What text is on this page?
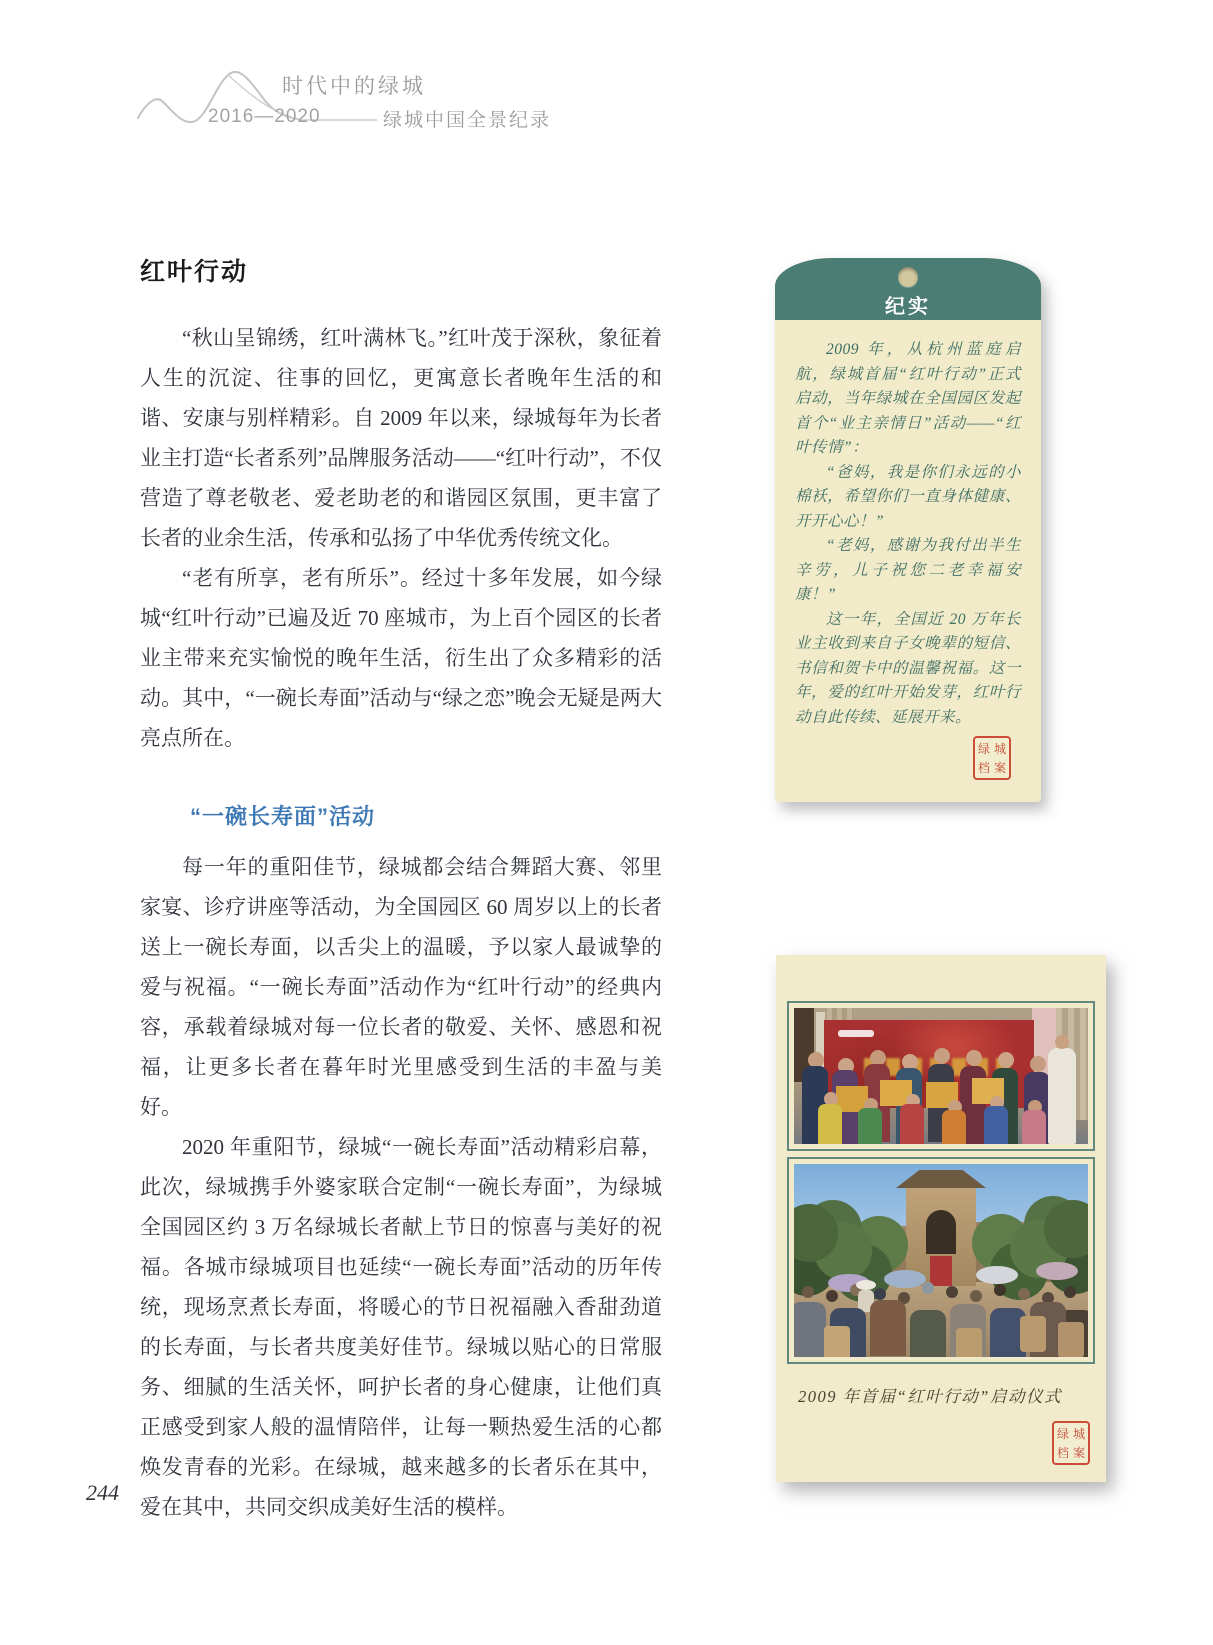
时代中的绿城
2016—2020	绿城中国全景纪录
红叶行动

“秋山呈锦绣，红叶满林飞。”红叶茂于深秋，象征着人生的沉淀、往事的回忆，更寓意长者晚年生活的和谐、安康与别样精彩。自 2009 年以来，绿城每年为长者业主打造“长者系列”品牌服务活动——“红叶行动”，不仅营造了尊老敬老、爱老助老的和谐园区氛围，更丰富了长者的业余生活，传承和弘扬了中华优秀传统文化。

“老有所享，老有所乐”。经过十多年发展，如今绿城“红叶行动”已遍及近 70 座城市，为上百个园区的长者业主带来充实愉悦的晚年生活，衍生出了众多精彩的活动。其中，“一碗长寿面”活动与“绿之恋”晚会无疑是两大亮点所在。

“一碗长寿面”活动

每一年的重阳佳节，绿城都会结合舞蹈大赛、邻里家宴、诊疗讲座等活动，为全国园区 60 周岁以上的长者送上一碗长寿面，以舌尖上的温暖，予以家人最诚挚的爱与祝福。“一碗长寿面”活动作为“红叶行动”的经典内容，承载着绿城对每一位长者的敬爱、关怀、感恩和祝福，让更多长者在暮年时光里感受到生活的丰盈与美好。

2020 年重阳节，绿城“一碗长寿面”活动精彩启幕，此次，绿城携手外婆家联合定制“一碗长寿面”，为绿城全国园区约 3 万名绿城长者献上节日的惊喜与美好的祝福。各城市绿城项目也延续“一碗长寿面”活动的历年传统，现场烹煮长寿面，将暖心的节日祝福融入香甜劲道的长寿面，与长者共度美好佳节。绿城以贴心的日常服务、细腻的生活关怀，呵护长者的身心健康，让他们真正感受到家人般的温情陪伴，让每一颗热爱生活的心都焕发青春的光彩。在绿城，越来越多的长者乐在其中，爱在其中，共同交织成美好生活的模样。

纪实

2009 年，从杭州蓝庭启航，绿城首届“红叶行动”正式启动，当年绿城在全国园区发起首个“业主亲情日”活动——“红叶传情”：

“爸妈，我是你们永远的小棉袄，希望你们一直身体健康、开开心心！”

“老妈，感谢为我付出半生辛劳，儿子祝您二老幸福安康！”

这一年，全国近 20 万年长业主收到来自子女晚辈的短信、书信和贺卡中的温馨祝福。这一年，爱的红叶开始发芽，红叶行动自此传续、延展开来。

绿 城
档 案
2009 年首届“红叶行动”启动仪式
绿 城
档 案
244
